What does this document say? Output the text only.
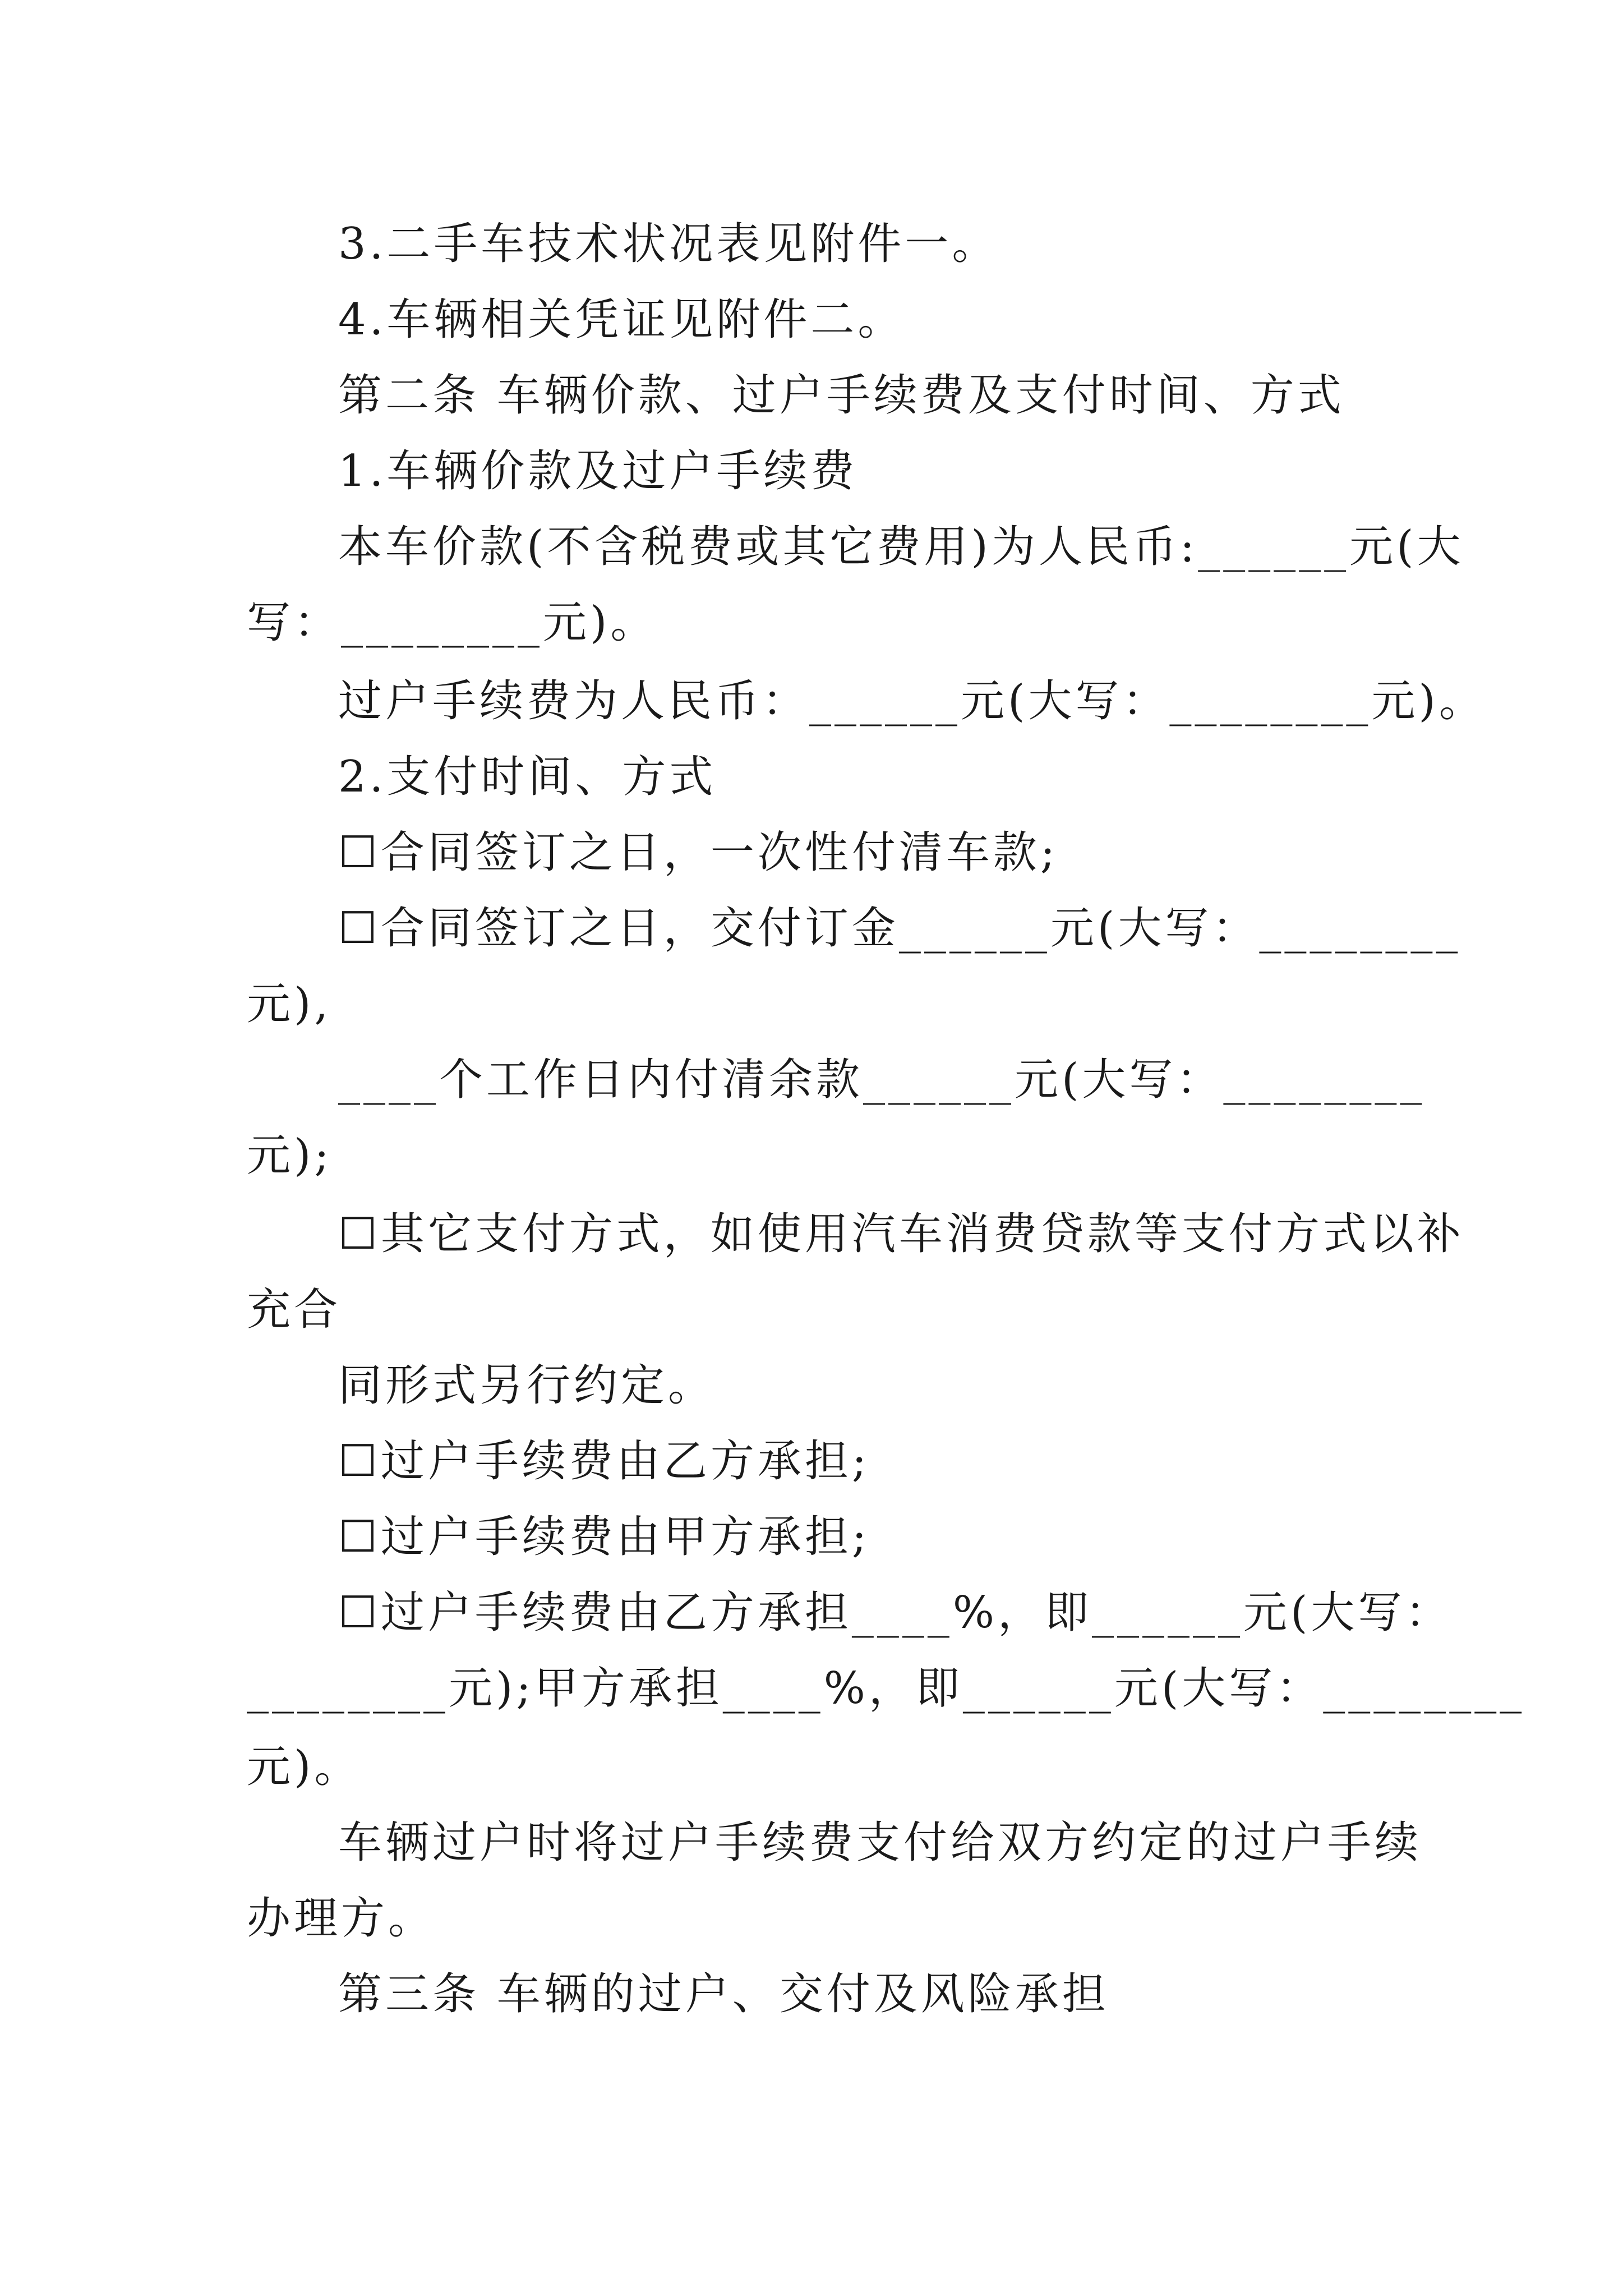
3.二手车技术状况表见附件一。
4.车辆相关凭证见附件二。
第二条 车辆价款、过户手续费及支付时间、方式
1.车辆价款及过户手续费
本车价款(不含税费或其它费用)为人民币:______元(大
写：________元)。
过户手续费为人民币：______元(大写：________元)。
2.支付时间、方式
☐合同签订之日，一次性付清车款;
☐合同签订之日，交付订金______元(大写：________
元),
____个工作日内付清余款______元(大写：________
元);
☐其它支付方式，如使用汽车消费贷款等支付方式以补
充合
同形式另行约定。
☐过户手续费由乙方承担;
☐过户手续费由甲方承担;
☐过户手续费由乙方承担____%，即______元(大写：
________元);甲方承担____%，即______元(大写：________
元)。
车辆过户时将过户手续费支付给双方约定的过户手续
办理方。
第三条 车辆的过户、交付及风险承担
